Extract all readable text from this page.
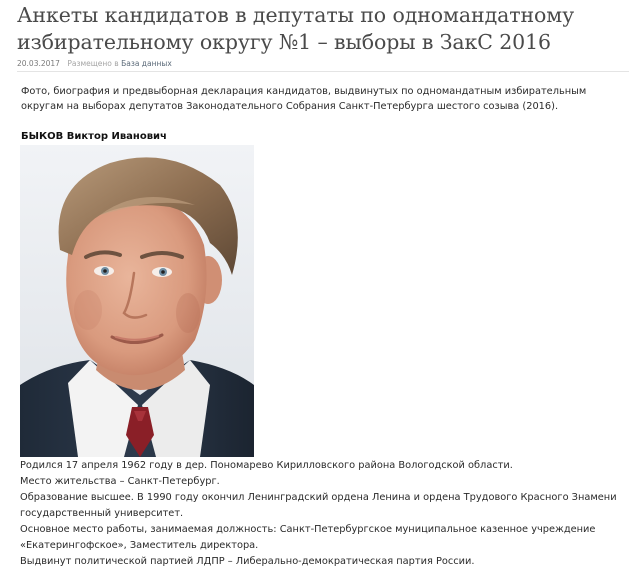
Анкеты кандидатов в депутаты по одномандатному избирательному округу №1 – выборы в ЗакС 2016
20.03.2017 Размещено в База данных

Фото, биография и предвыборная декларация кандидатов, выдвинутых по одномандатным избирательным округам на выборах депутатов Законодательного Собрания Санкт-Петербурга шестого созыва (2016).

БЫКОВ Виктор Иванович

Родился 17 апреля 1962 году в дер. Пономарево Кирилловского района Вологодской области.

Место жительства – Санкт-Петербург.

Образование высшее. В 1990 году окончил Ленинградский ордена Ленина и ордена Трудового Красного Знамени государственный университет.

Основное место работы, занимаемая должность: Санкт-Петербургское муниципальное казенное учреждение «Екатерингофское», Заместитель директора.

Выдвинут политической партией ЛДПР – Либерально-демократическая партия России.
